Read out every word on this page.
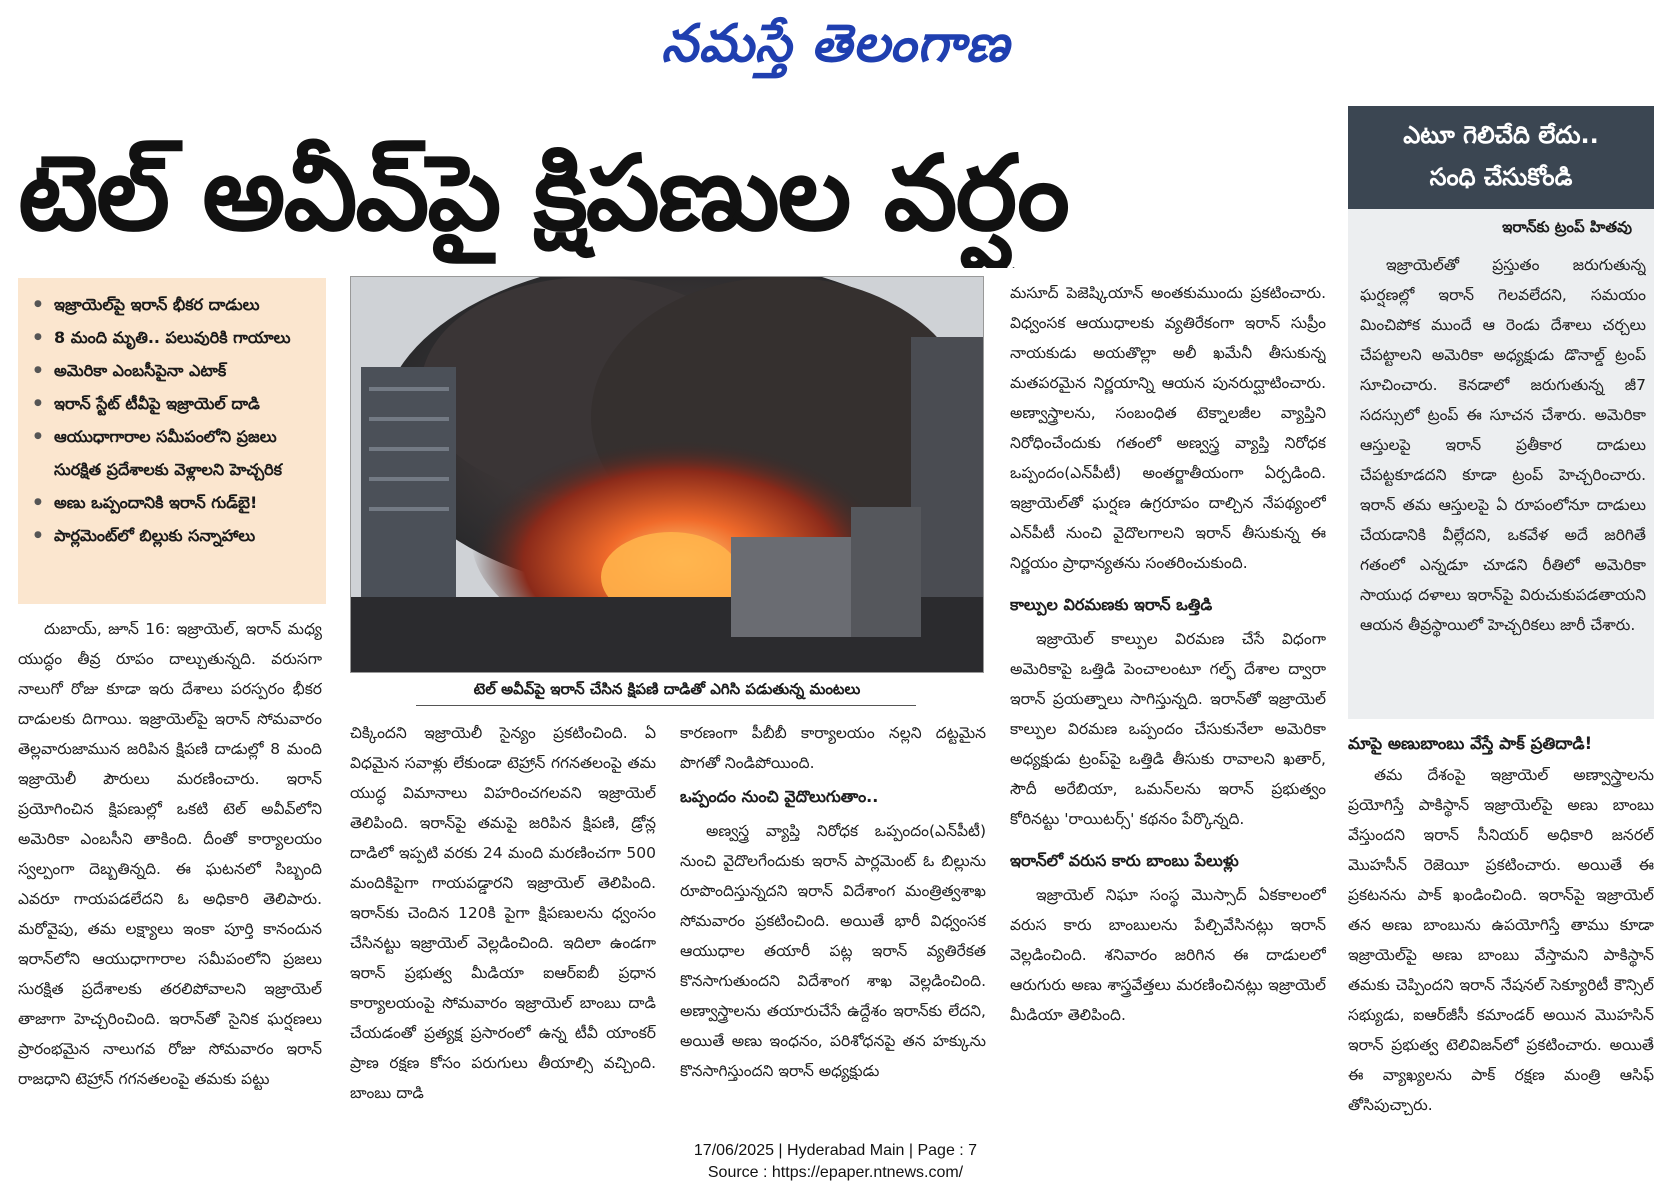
నమస్తే తెలంగాణ
టెల్ అవీవ్‌పై క్షిపణుల వర్షం	ఎటూ గెలిచేది లేదు..
సంధి చేసుకోండి
ఇరాన్‌కు ట్రంప్ హితవు
● ఇజ్రాయెల్‌పై ఇరాన్ భీకర దాడులు
● 8 మంది మృతి.. పలువురికి గాయాలు
● అమెరికా ఎంబసీపైనా ఎటాక్
● ఇరాన్ స్టేట్ టీవీపై ఇజ్రాయెల్ దాడి
● ఆయుధాగారాల సమీపంలోని ప్రజలు సురక్షిత ప్రదేశాలకు వెళ్లాలని హెచ్చరిక
● అణు ఒప్పందానికి ఇరాన్ గుడ్‌బై!
● పార్లమెంట్‌లో బిల్లుకు సన్నాహాలు
టెల్ అవీవ్‌పై ఇరాన్ చేసిన క్షిపణి దాడితో ఎగిసి పడుతున్న మంటలు

దుబాయ్, జూన్ 16: ఇజ్రాయెల్, ఇరాన్ మధ్య యుద్ధం తీవ్ర రూపం దాల్చుతున్నది. వరుసగా నాలుగో రోజు కూడా ఇరు దేశాలు పరస్పరం భీకర దాడులకు దిగాయి. ఇజ్రాయెల్‌పై ఇరాన్ సోమవారం తెల్లవారుజామున జరిపిన క్షిపణి దాడుల్లో 8 మంది ఇజ్రాయెలీ పౌరులు మరణించారు. ఇరాన్ ప్రయోగించిన క్షిపణుల్లో ఒకటి టెల్ అవీవ్‌లోని అమెరికా ఎంబసీని తాకింది. దీంతో కార్యాలయం స్వల్పంగా దెబ్బతిన్నది. ఈ ఘటనలో సిబ్బంది ఎవరూ గాయపడలేదని ఓ అధికారి తెలిపారు. మరోవైపు, తమ లక్ష్యాలు ఇంకా పూర్తి కానందున ఇరాన్‌లోని ఆయుధాగారాల సమీపంలోని ప్రజలు సురక్షిత ప్రదేశాలకు తరలిపోవాలని ఇజ్రాయెల్ తాజాగా హెచ్చరించింది. ఇరాన్‌తో సైనిక ఘర్షణలు ప్రారంభమైన నాలుగవ రోజు సోమవారం ఇరాన్ రాజధాని టెహ్రాన్ గగనతలంపై తమకు పట్టు

చిక్కిందని ఇజ్రాయెలీ సైన్యం ప్రకటించింది. ఏ విధమైన సవాళ్లు లేకుండా టెహ్రాన్ గగనతలంపై తమ యుద్ధ విమానాలు విహరించగలవని ఇజ్రాయెల్ తెలిపింది. ఇరాన్‌పై తమపై జరిపిన క్షిపణి, డ్రోన్ల దాడిలో ఇప్పటి వరకు 24 మంది మరణించగా 500 మందికిపైగా గాయపడ్డారని ఇజ్రాయెల్ తెలిపింది. ఇరాన్‌కు చెందిన 120కి పైగా క్షిపణులను ధ్వంసం చేసినట్టు ఇజ్రాయెల్ వెల్లడించింది. ఇదిలా ఉండగా ఇరాన్ ప్రభుత్వ మీడియా ఐఆర్‌ఐబీ ప్రధాన కార్యాలయంపై సోమవారం ఇజ్రాయెల్ బాంబు దాడి చేయడంతో ప్రత్యక్ష ప్రసారంలో ఉన్న టీవీ యాంకర్ ప్రాణ రక్షణ కోసం పరుగులు తీయాల్సి వచ్చింది. బాంబు దాడి

కారణంగా పీబీబీ కార్యాలయం నల్లని దట్టమైన పొగతో నిండిపోయింది.

ఒప్పందం నుంచి వైదొలుగుతాం..

అణ్వస్త్ర వ్యాప్తి నిరోధక ఒప్పందం(ఎన్‌పీటీ) నుంచి వైదొలగేందుకు ఇరాన్ పార్లమెంట్ ఓ బిల్లును రూపొందిస్తున్నదని ఇరాన్ విదేశాంగ మంత్రిత్వశాఖ సోమవారం ప్రకటించింది. అయితే భారీ విధ్వంసక ఆయుధాల తయారీ పట్ల ఇరాన్ వ్యతిరేకత కొనసాగుతుందని విదేశాంగ శాఖ వెల్లడించింది. అణ్వాస్త్రాలను తయారుచేసే ఉద్దేశం ఇరాన్‌కు లేదని, అయితే అణు ఇంధనం, పరిశోధనపై తన హక్కును కొనసాగిస్తుందని ఇరాన్ అధ్యక్షుడు

మసూద్ పెజెష్కియాన్ అంతకుముందు ప్రకటించారు. విధ్వంసక ఆయుధాలకు వ్యతిరేకంగా ఇరాన్ సుప్రీం నాయకుడు అయతొల్లా అలీ ఖమేనీ తీసుకున్న మతపరమైన నిర్ణయాన్ని ఆయన పునరుద్ఘాటించారు. అణ్వాస్త్రాలను, సంబంధిత టెక్నాలజీల వ్యాప్తిని నిరోధించేందుకు గతంలో అణ్వస్త్ర వ్యాప్తి నిరోధక ఒప్పందం(ఎన్‌పీటీ) అంతర్జాతీయంగా ఏర్పడింది. ఇజ్రాయెల్‌తో ఘర్షణ ఉగ్రరూపం దాల్చిన నేపథ్యంలో ఎన్‌పీటీ నుంచి వైదొలగాలని ఇరాన్ తీసుకున్న ఈ నిర్ణయం ప్రాధాన్యతను సంతరించుకుంది.

కాల్పుల విరమణకు ఇరాన్ ఒత్తిడి

ఇజ్రాయెల్ కాల్పుల విరమణ చేసే విధంగా అమెరికాపై ఒత్తిడి పెంచాలంటూ గల్ఫ్ దేశాల ద్వారా ఇరాన్ ప్రయత్నాలు సాగిస్తున్నది. ఇరాన్‌తో ఇజ్రాయెల్ కాల్పుల విరమణ ఒప్పందం చేసుకునేలా అమెరికా అధ్యక్షుడు ట్రంప్‌పై ఒత్తిడి తీసుకు రావాలని ఖతార్, సౌదీ అరేబియా, ఒమన్‌లను ఇరాన్ ప్రభుత్వం కోరినట్టు 'రాయిటర్స్' కథనం పేర్కొన్నది.

ఇరాన్‌లో వరుస కారు బాంబు పేలుళ్లు

ఇజ్రాయెల్ నిఘా సంస్థ మొస్సాద్ ఏకకాలంలో వరుస కారు బాంబులను పేల్చివేసినట్లు ఇరాన్ వెల్లడించింది. శనివారం జరిగిన ఈ దాడులలో ఆరుగురు అణు శాస్త్రవేత్తలు మరణించినట్లు ఇజ్రాయెల్ మీడియా తెలిపింది.

ఇజ్రాయెల్‌తో ప్రస్తుతం జరుగుతున్న ఘర్షణల్లో ఇరాన్ గెలవలేదని, సమయం మించిపోక ముందే ఆ రెండు దేశాలు చర్చలు చేపట్టాలని అమెరికా అధ్యక్షుడు డొనాల్డ్ ట్రంప్ సూచించారు. కెనడాలో జరుగుతున్న జీ7 సదస్సులో ట్రంప్ ఈ సూచన చేశారు. అమెరికా ఆస్తులపై ఇరాన్ ప్రతీకార దాడులు చేపట్టకూడదని కూడా ట్రంప్ హెచ్చరించారు. ఇరాన్ తమ ఆస్తులపై ఏ రూపంలోనూ దాడులు చేయడానికి వీల్లేదని, ఒకవేళ అదే జరిగితే గతంలో ఎన్నడూ చూడని రీతిలో అమెరికా సాయుధ దళాలు ఇరాన్‌పై విరుచుకుపడతాయని ఆయన తీవ్రస్థాయిలో హెచ్చరికలు జారీ చేశారు.

మాపై అణుబాంబు వేస్తే పాక్ ప్రతిదాడి!

తమ దేశంపై ఇజ్రాయెల్ అణ్వాస్త్రాలను ప్రయోగిస్తే పాకిస్థాన్ ఇజ్రాయెల్‌పై అణు బాంబు వేస్తుందని ఇరాన్ సీనియర్ అధికారి జనరల్ మొహసీన్ రెజెయీ ప్రకటించారు. అయితే ఈ ప్రకటనను పాక్ ఖండించింది. ఇరాన్‌పై ఇజ్రాయెల్ తన అణు బాంబును ఉపయోగిస్తే తాము కూడా ఇజ్రాయెల్‌పై అణు బాంబు వేస్తామని పాకిస్థాన్ తమకు చెప్పిందని ఇరాన్ నేషనల్ సెక్యూరిటీ కౌన్సిల్ సభ్యుడు, ఐఆర్‌జీసీ కమాండర్ అయిన మొహసిన్ ఇరాన్ ప్రభుత్వ టెలివిజన్‌లో ప్రకటించారు. అయితే ఈ వ్యాఖ్యలను పాక్ రక్షణ మంత్రి ఆసిఫ్ తోసిపుచ్చారు.

17/06/2025 | Hyderabad Main | Page : 7
Source : https://epaper.ntnews.com/
